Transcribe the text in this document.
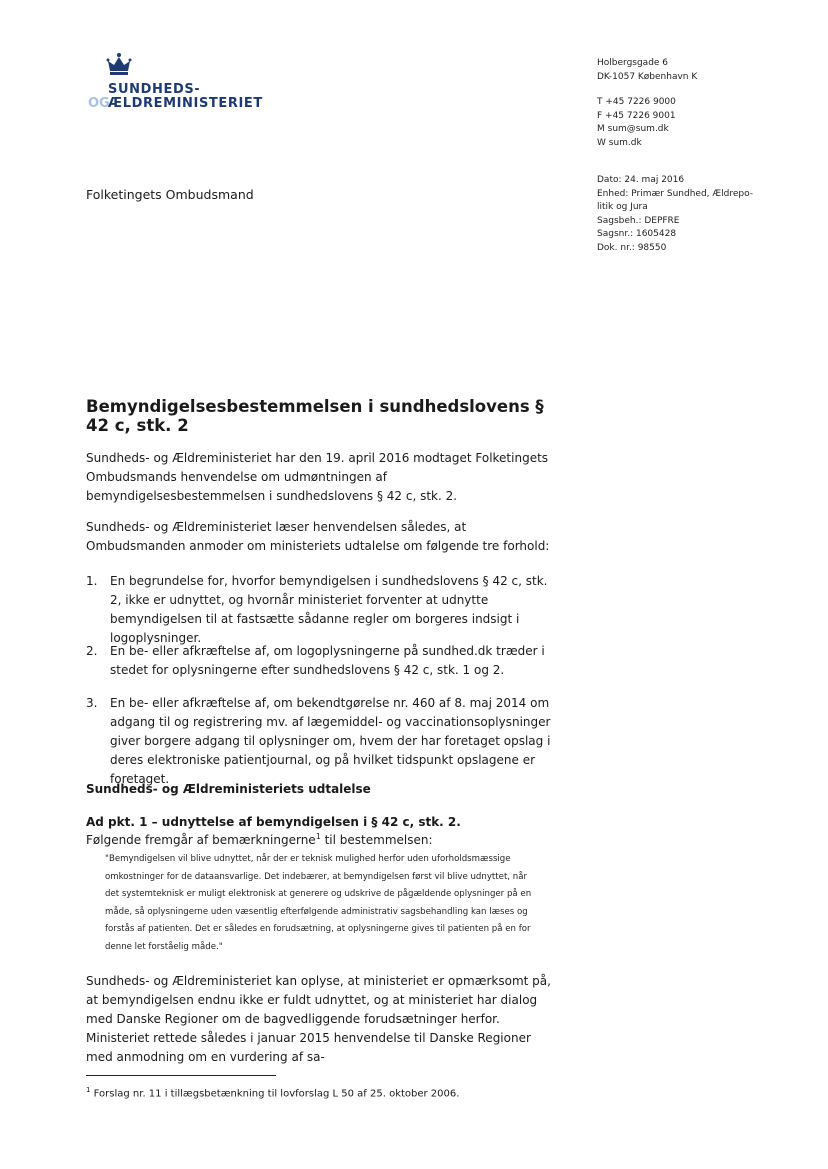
SUNDHEDS-
OG
ÆLDREMINISTERIET
Holbergsgade 6
DK-1057 København K
T +45 7226 9000
F +45 7226 9001
M sum@sum.dk
W sum.dk
Dato: 24. maj 2016
Enhed: Primær Sundhed, Ældrepo-litik og Jura
Sagsbeh.: DEPFRE
Sagsnr.: 1605428
Dok. nr.: 98550
Folketingets Ombudsmand
Bemyndigelsesbestemmelsen i sundhedslovens § 42 c, stk. 2
Sundheds- og Ældreministeriet har den 19. april 2016 modtaget Folketingets Ombudsmands henvendelse om udmøntningen af bemyndigelsesbestemmelsen i sundhedslovens § 42 c, stk. 2.
Sundheds- og Ældreministeriet læser henvendelsen således, at Ombudsmanden anmoder om ministeriets udtalelse om følgende tre forhold:
1. En begrundelse for, hvorfor bemyndigelsen i sundhedslovens § 42 c, stk. 2, ikke er udnyttet, og hvornår ministeriet forventer at udnytte bemyndigelsen til at fastsætte sådanne regler om borgeres indsigt i logoplysninger.
2. En be- eller afkræftelse af, om logoplysningerne på sundhed.dk træder i stedet for oplysningerne efter sundhedslovens § 42 c, stk. 1 og 2.
3. En be- eller afkræftelse af, om bekendtgørelse nr. 460 af 8. maj 2014 om adgang til og registrering mv. af lægemiddel- og vaccinationsoplysninger giver borgere adgang til oplysninger om, hvem der har foretaget opslag i deres elektroniske patientjournal, og på hvilket tidspunkt opslagene er foretaget.
Sundheds- og Ældreministeriets udtalelse
Ad pkt. 1 – udnyttelse af bemyndigelsen i § 42 c, stk. 2.
Følgende fremgår af bemærkningerne$^1$ til bestemmelsen:
"Bemyndigelsen vil blive udnyttet, når der er teknisk mulighed herfor uden uforholdsmæssige omkostninger for de dataansvarlige. Det indebærer, at bemyndigelsen først vil blive udnyttet, når det systemteknisk er muligt elektronisk at generere og udskrive de pågældende oplysninger på en måde, så oplysningerne uden væsentlig efterfølgende administrativ sagsbehandling kan læses og forstås af patienten. Det er således en forudsætning, at oplysningerne gives til patienten på en for denne let forståelig måde."
Sundheds- og Ældreministeriet kan oplyse, at ministeriet er opmærksomt på, at bemyndigelsen endnu ikke er fuldt udnyttet, og at ministeriet har dialog med Danske Regioner om de bagvedliggende forudsætninger herfor. Ministeriet rettede således i januar 2015 henvendelse til Danske Regioner med anmodning om en vurdering af sa-
$^1$ Forslag nr. 11 i tillægsbetænkning til lovforslag L 50 af 25. oktober 2006.
